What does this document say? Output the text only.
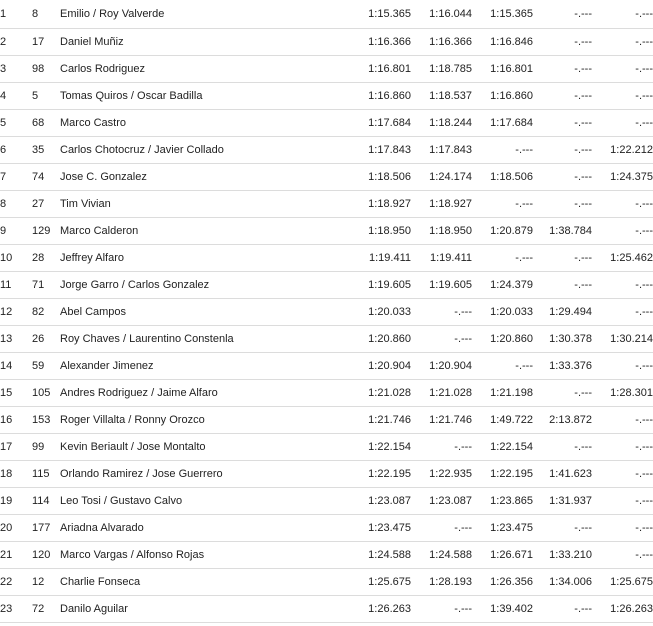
1	8	Emilio / Roy Valverde	1:15.365	1:16.044	1:15.365	-.---	-.---
2	17	Daniel Muñiz	1:16.366	1:16.366	1:16.846	-.---	-.---
3	98	Carlos Rodriguez	1:16.801	1:18.785	1:16.801	-.---	-.---
4	5	Tomas Quiros / Oscar Badilla	1:16.860	1:18.537	1:16.860	-.---	-.---
5	68	Marco Castro	1:17.684	1:18.244	1:17.684	-.---	-.---
6	35	Carlos Chotocruz / Javier Collado	1:17.843	1:17.843	-.---	-.---	1:22.212
7	74	Jose C. Gonzalez	1:18.506	1:24.174	1:18.506	-.---	1:24.375
8	27	Tim Vivian	1:18.927	1:18.927	-.---	-.---	-.---
9	129	Marco Calderon	1:18.950	1:18.950	1:20.879	1:38.784	-.---
10	28	Jeffrey Alfaro	1:19.411	1:19.411	-.---	-.---	1:25.462
11	71	Jorge Garro / Carlos Gonzalez	1:19.605	1:19.605	1:24.379	-.---	-.---
12	82	Abel Campos	1:20.033	-.---	1:20.033	1:29.494	-.---
13	26	Roy Chaves / Laurentino Constenla	1:20.860	-.---	1:20.860	1:30.378	1:30.214
14	59	Alexander Jimenez	1:20.904	1:20.904	-.---	1:33.376	-.---
15	105	Andres Rodriguez / Jaime Alfaro	1:21.028	1:21.028	1:21.198	-.---	1:28.301
16	153	Roger Villalta / Ronny Orozco	1:21.746	1:21.746	1:49.722	2:13.872	-.---
17	99	Kevin Beriault / Jose Montalto	1:22.154	-.---	1:22.154	-.---	-.---
18	115	Orlando Ramirez / Jose Guerrero	1:22.195	1:22.935	1:22.195	1:41.623	-.---
19	114	Leo Tosi / Gustavo Calvo	1:23.087	1:23.087	1:23.865	1:31.937	-.---
20	177	Ariadna Alvarado	1:23.475	-.---	1:23.475	-.---	-.---
21	120	Marco Vargas / Alfonso Rojas	1:24.588	1:24.588	1:26.671	1:33.210	-.---
22	12	Charlie Fonseca	1:25.675	1:28.193	1:26.356	1:34.006	1:25.675
23	72	Danilo Aguilar	1:26.263	-.---	1:39.402	-.---	1:26.263
